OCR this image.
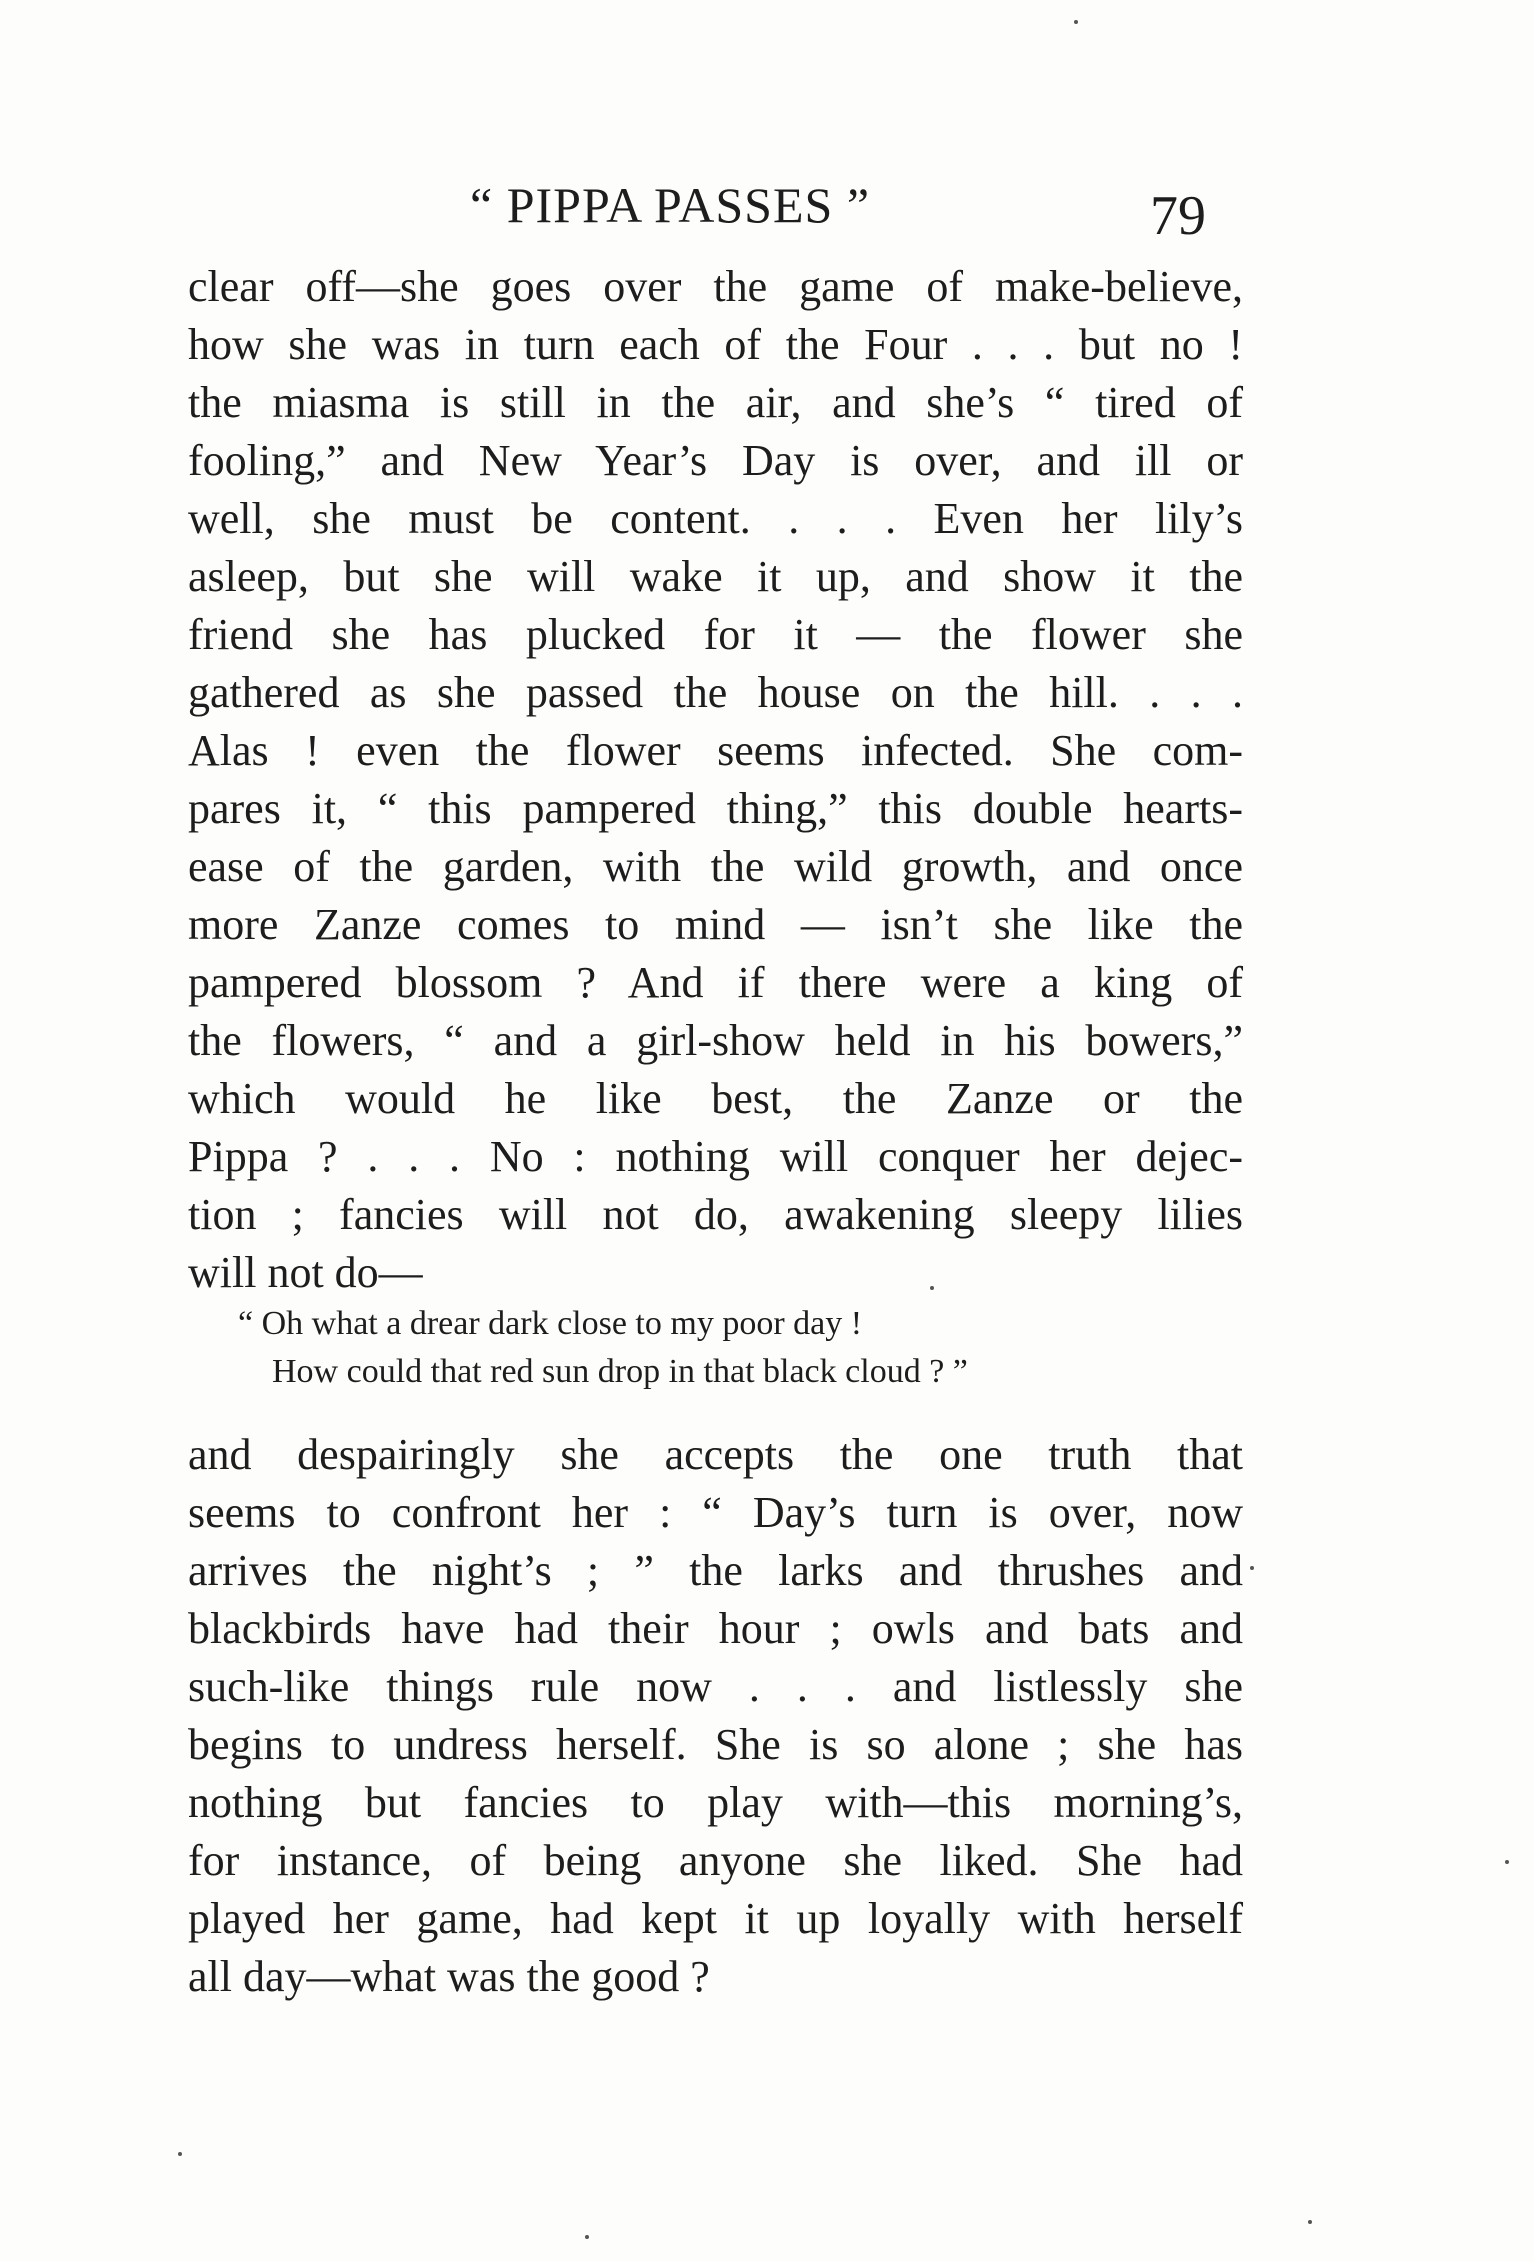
“ PIPPA PASSES ”	79
clear off—she goes over the game of make-believe,
how she was in turn each of the Four . . . but no !
the miasma is still in the air, and she’s “ tired of
fooling,” and New Year’s Day is over, and ill or
well, she must be content. . . . Even her lily’s
asleep, but she will wake it up, and show it the
friend she has plucked for it — the flower she
gathered as she passed the house on the hill. . . .
Alas ! even the flower seems infected. She com-
pares it, “ this pampered thing,” this double hearts-
ease of the garden, with the wild growth, and once
more Zanze comes to mind — isn’t she like the
pampered blossom ? And if there were a king of
the flowers, “ and a girl-show held in his bowers,”
which would he like best, the Zanze or the
Pippa ? . . . No : nothing will conquer her dejec-
tion ; fancies will not do, awakening sleepy lilies
will not do—
“ Oh what a drear dark close to my poor day !
How could that red sun drop in that black cloud ? ”
and despairingly she accepts the one truth that
seems to confront her : “ Day’s turn is over, now
arrives the night’s ; ” the larks and thrushes and
blackbirds have had their hour ; owls and bats and
such-like things rule now . . . and listlessly she
begins to undress herself. She is so alone ; she has
nothing but fancies to play with—this morning’s,
for instance, of being anyone she liked. She had
played her game, had kept it up loyally with herself
all day—what was the good ?
